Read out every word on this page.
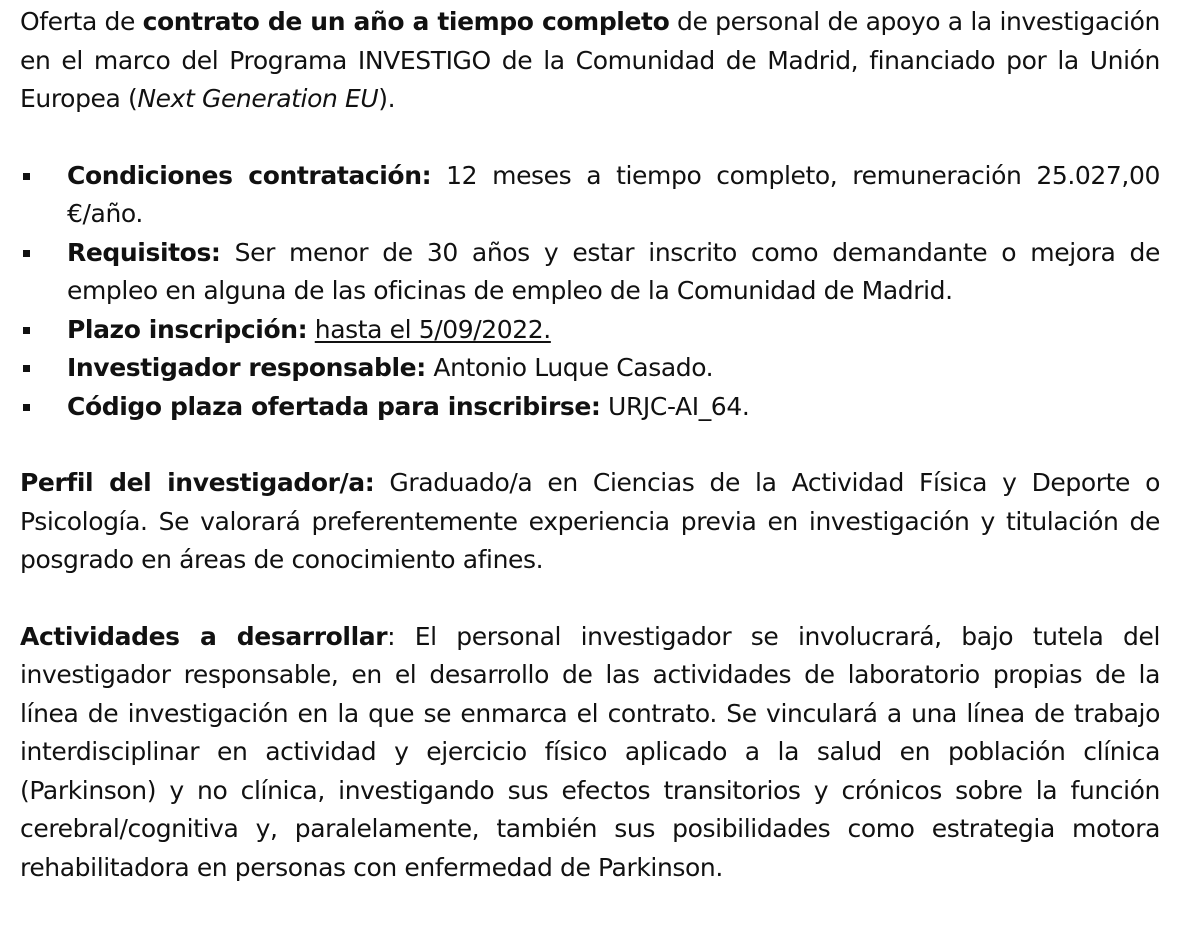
Oferta de contrato de un año a tiempo completo de personal de apoyo a la investigación en el marco del Programa INVESTIGO de la Comunidad de Madrid, financiado por la Unión Europea (Next Generation EU).

Condiciones contratación: 12 meses a tiempo completo, remuneración 25.027,00 €/año.
Requisitos: Ser menor de 30 años y estar inscrito como demandante o mejora de empleo en alguna de las oficinas de empleo de la Comunidad de Madrid.
Plazo inscripción: hasta el 5/09/2022.
Investigador responsable: Antonio Luque Casado.
Código plaza ofertada para inscribirse: URJC-AI_64.

Perfil del investigador/a: Graduado/a en Ciencias de la Actividad Física y Deporte o Psicología. Se valorará preferentemente experiencia previa en investigación y titulación de posgrado en áreas de conocimiento afines.

Actividades a desarrollar: El personal investigador se involucrará, bajo tutela del investigador responsable, en el desarrollo de las actividades de laboratorio propias de la línea de investigación en la que se enmarca el contrato. Se vinculará a una línea de trabajo interdisciplinar en actividad y ejercicio físico aplicado a la salud en población clínica (Parkinson) y no clínica, investigando sus efectos transitorios y crónicos sobre la función cerebral/cognitiva y, paralelamente, también sus posibilidades como estrategia motora rehabilitadora en personas con enfermedad de Parkinson.
